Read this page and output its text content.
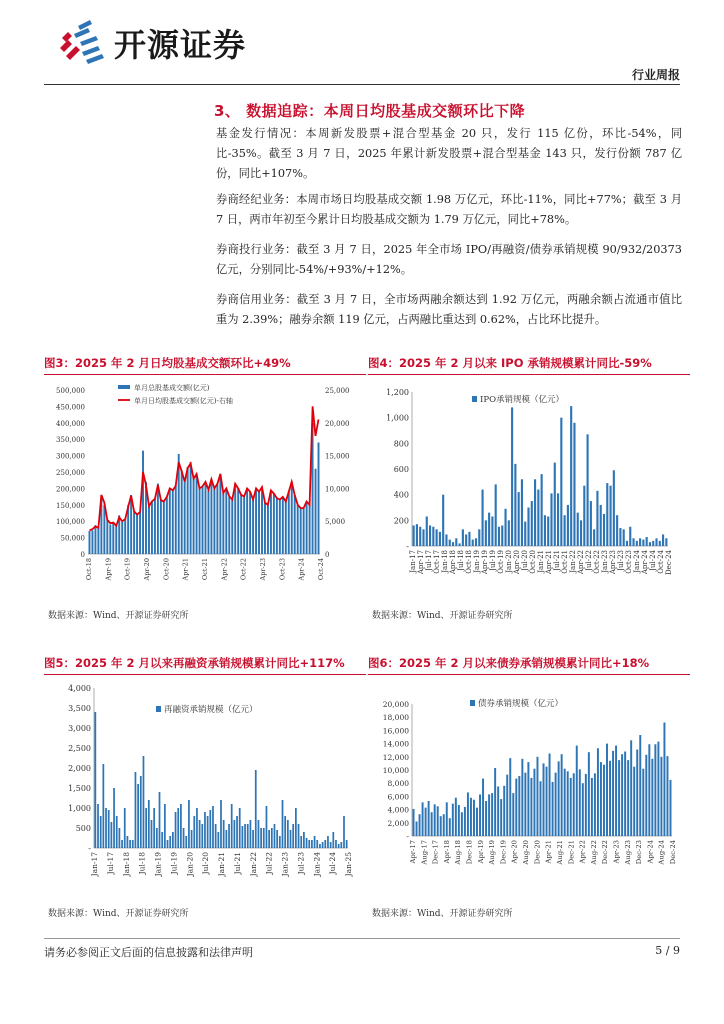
开源证券
行业周报
3、 数据追踪：本周日均股基成交额环比下降
基金发行情况：本周新发股票+混合型基金 20 只，发行 115 亿份，环比-54%，同比-35%。截至 3 月 7 日，2025 年累计新发股票+混合型基金 143 只，发行份额 787 亿份，同比+107%。
券商经纪业务：本周市场日均股基成交额 1.98 万亿元，环比-11%，同比+77%；截至 3 月 7 日，两市年初至今累计日均股基成交额为 1.79 万亿元，同比+78%。
券商投行业务：截至 3 月 7 日，2025 年全市场 IPO/再融资/债券承销规模 90/932/20373 亿元，分别同比-54%/+93%/+12%。
券商信用业务：截至 3 月 7 日，全市场两融余额达到 1.92 万亿元，两融余额占流通市值比重为 2.39%；融券余额 119 亿元，占两融比重达到 0.62%，占比环比提升。
图3：2025 年 2 月日均股基成交额环比+49%
0
50,000
100,000
150,000
200,000
250,000
300,000
350,000
400,000
450,000
500,000
0
5,000
10,000
15,000
20,000
25,000
Oct-18 Apr-19 Oct-19 Apr-20 Oct-20 Apr-21 Oct-21 Apr-22 Oct-22 Apr-23 Oct-23 Apr-24 Oct-24
单月总股基成交额(亿元)
单月日均股基成交额(亿元)-右轴
数据来源：Wind、开源证券研究所
图4：2025 年 2 月以来 IPO 承销规模累计同比-59%
-
200
400
600
800
1,000
1,200
Jan-17 Apr-17 Jul-17 Oct-17 Jan-18 Apr-18 Jul-18 Oct-18 Jan-19 Apr-19 Jul-19 Oct-19 Jan-20 Apr-20 Jul-20 Oct-20 Jan-21 Apr-21 Jul-21 Oct-21 Jan-22 Apr-22 Jul-22 Oct-22 Jan-23 Apr-23 Jul-23 Oct-23 Jan-24 Apr-24 Jul-24 Oct-24 Dec-24
IPO承销规模（亿元）
数据来源：Wind、开源证券研究所
图5：2025 年 2 月以来再融资承销规模累计同比+117%
-
500
1,000
1,500
2,000
2,500
3,000
3,500
4,000
Jan-17 Jul-17 Jan-18 Jul-18 Jan-19 Jul-19 Jan-20 Jul-20 Jan-21 Jul-21 Jan-22 Jul-22 Jan-23 Jul-23 Jan-24 Jul-24 Jan-25
再融资承销规模（亿元）
数据来源：Wind、开源证券研究所
图6：2025 年 2 月以来债券承销规模累计同比+18%
-
2,000
4,000
6,000
8,000
10,000
12,000
14,000
16,000
18,000
20,000
Apr-17 Aug-17 Dec-17 Apr-18 Aug-18 Dec-18 Apr-19 Aug-19 Dec-19 Apr-20 Aug-20 Dec-20 Apr-21 Aug-21 Dec-21 Apr-22 Aug-22 Dec-22 Apr-23 Aug-23 Dec-23 Apr-24 Aug-24 Dec-24
债券承销规模（亿元）
数据来源：Wind、开源证券研究所
请务必参阅正文后面的信息披露和法律声明	5 / 9
